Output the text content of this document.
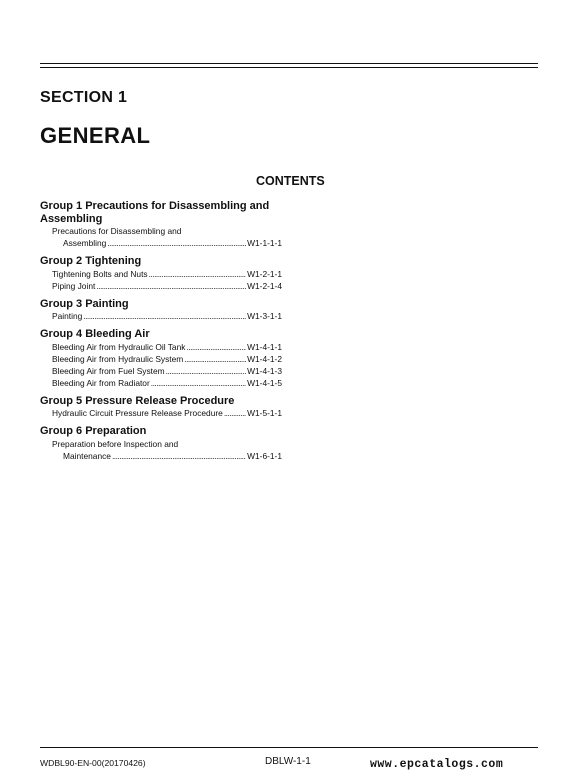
SECTION 1
GENERAL
CONTENTS
Group 1 Precautions for Disassembling and Assembling
Precautions for Disassembling and
Assembling .....	W1-1-1-1
Group 2 Tightening
Tightening Bolts and Nuts .....	W1-2-1-1
Piping Joint .....	W1-2-1-4
Group 3 Painting
Painting .....	W1-3-1-1
Group 4 Bleeding Air
Bleeding Air from Hydraulic Oil Tank .....	W1-4-1-1
Bleeding Air from Hydraulic System .....	W1-4-1-2
Bleeding Air from Fuel System .....	W1-4-1-3
Bleeding Air from Radiator .....	W1-4-1-5
Group 5 Pressure Release Procedure
Hydraulic Circuit Pressure Release Procedure .....	W1-5-1-1
Group 6 Preparation
Preparation before Inspection and
Maintenance .....	W1-6-1-1
WDBL90-EN-00(20170426)	DBLW-1-1	www.epcatalogs.com
